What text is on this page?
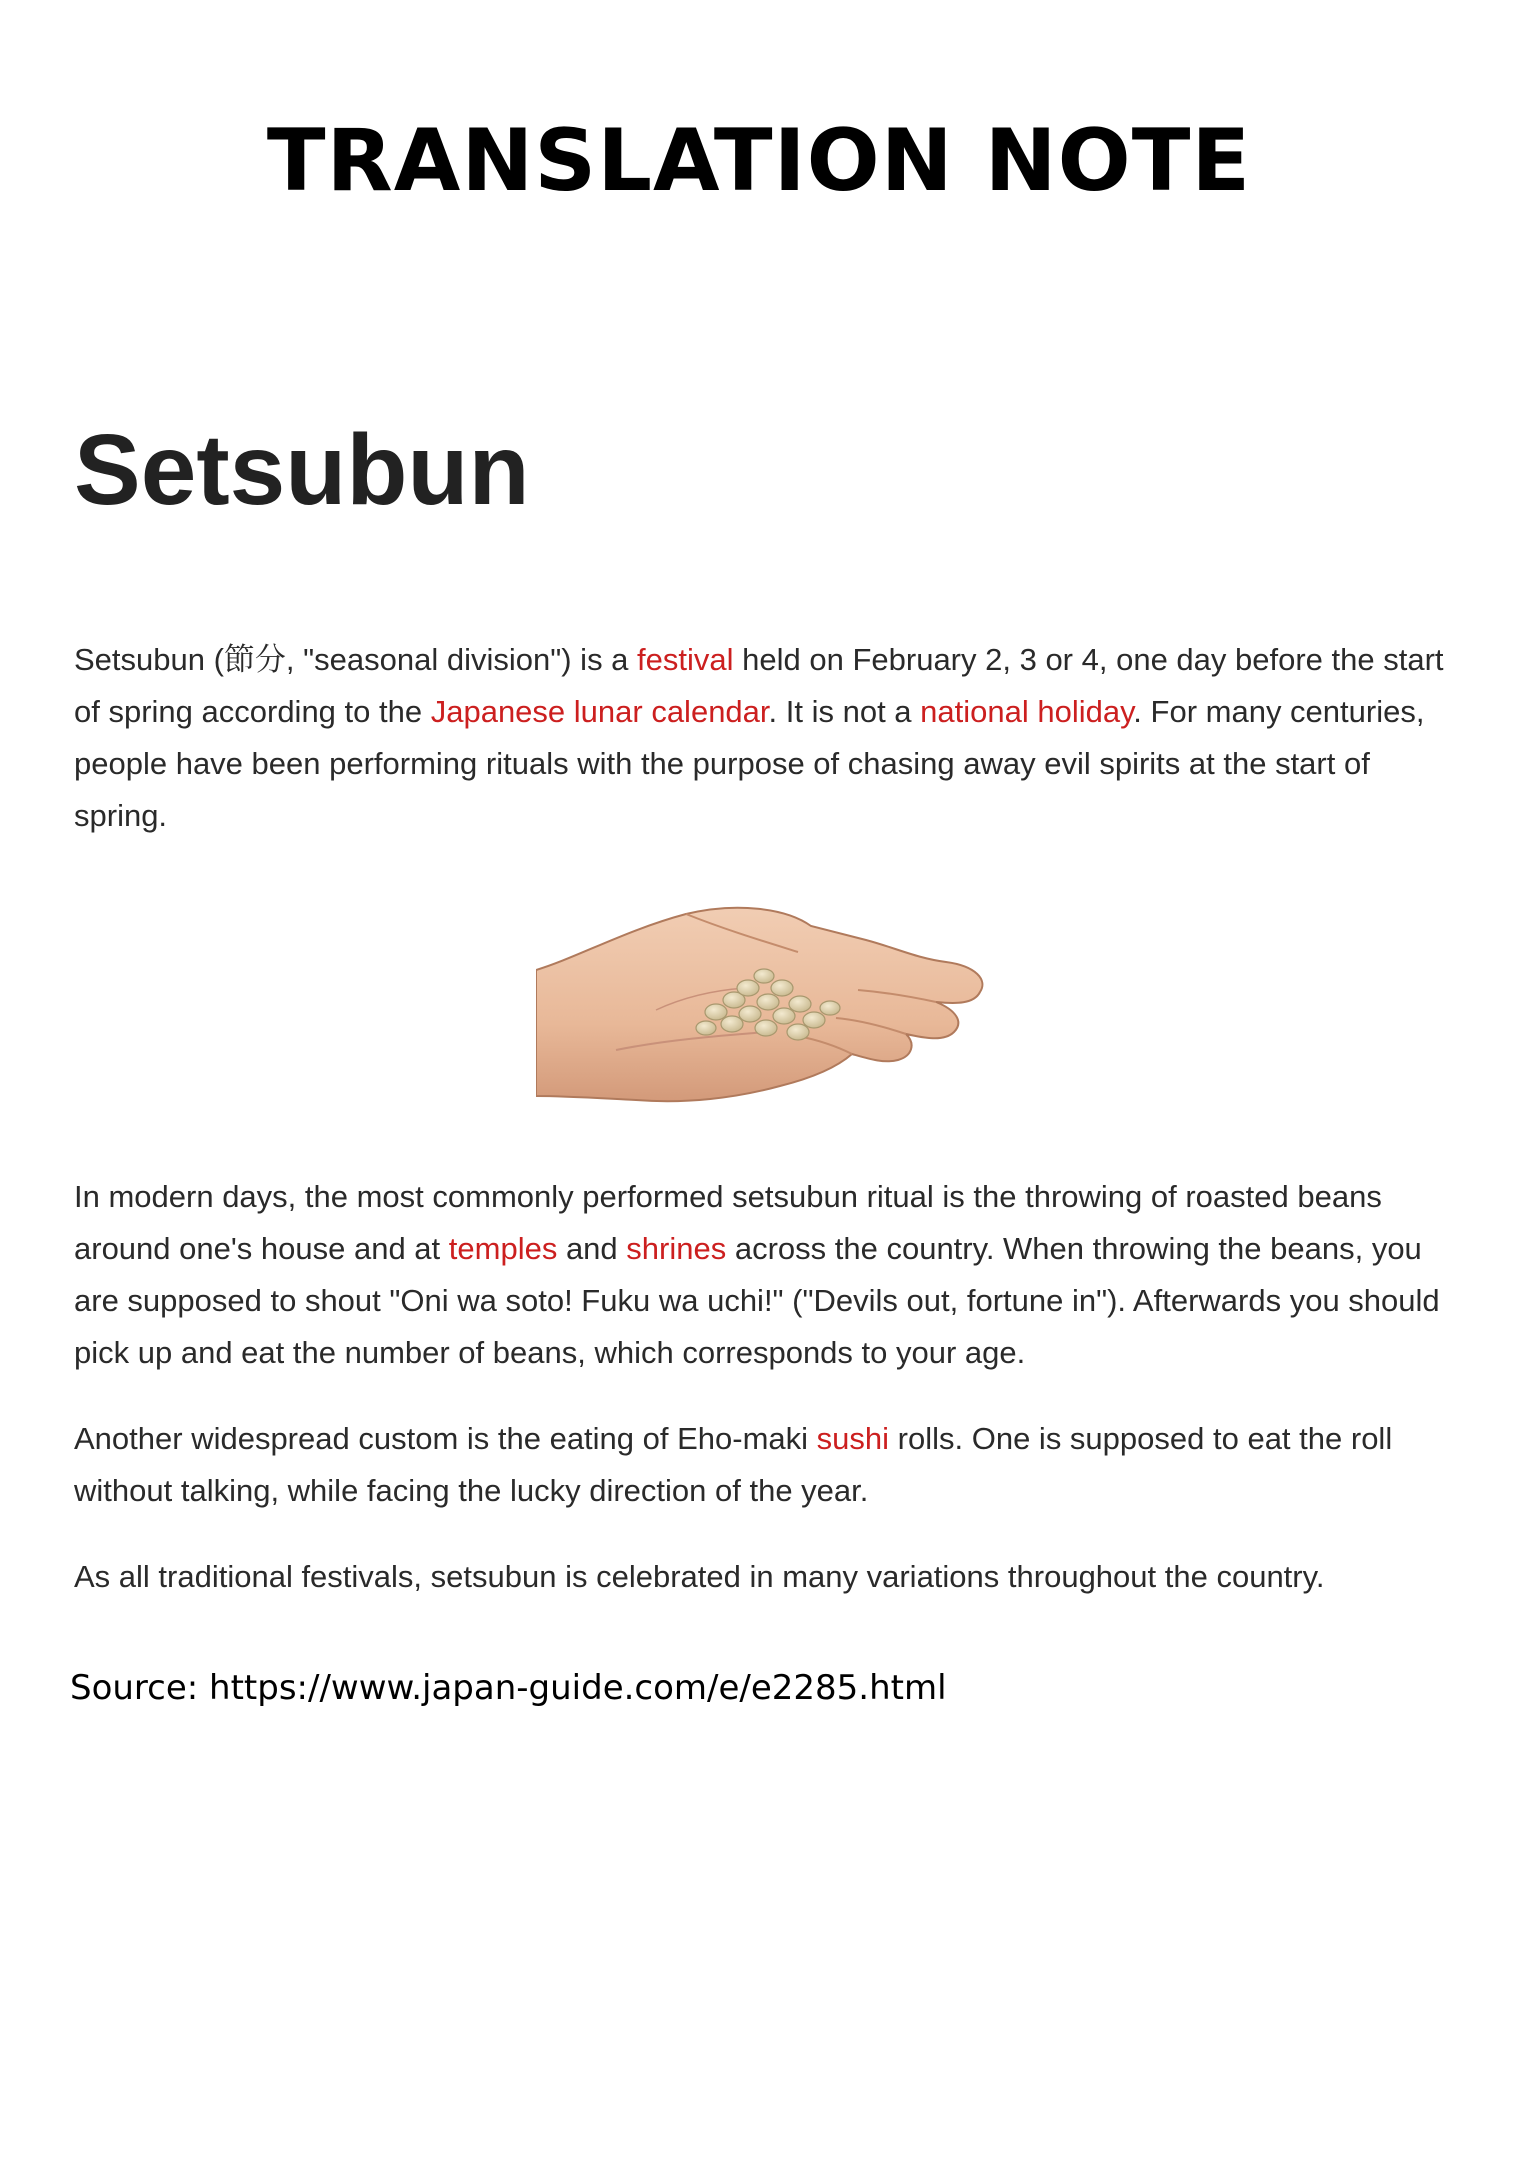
TRANSLATION NOTE
Setsubun

Setsubun (節分, "seasonal division") is a festival held on February 2, 3 or 4, one day before the start of spring according to the Japanese lunar calendar. It is not a national holiday. For many centuries, people have been performing rituals with the purpose of chasing away evil spirits at the start of spring.

In modern days, the most commonly performed setsubun ritual is the throwing of roasted beans around one's house and at temples and shrines across the country. When throwing the beans, you are supposed to shout "Oni wa soto! Fuku wa uchi!" ("Devils out, fortune in"). Afterwards you should pick up and eat the number of beans, which corresponds to your age.

Another widespread custom is the eating of Eho-maki sushi rolls. One is supposed to eat the roll without talking, while facing the lucky direction of the year.

As all traditional festivals, setsubun is celebrated in many variations throughout the country.

Source: https://www.japan-guide.com/e/e2285.html
